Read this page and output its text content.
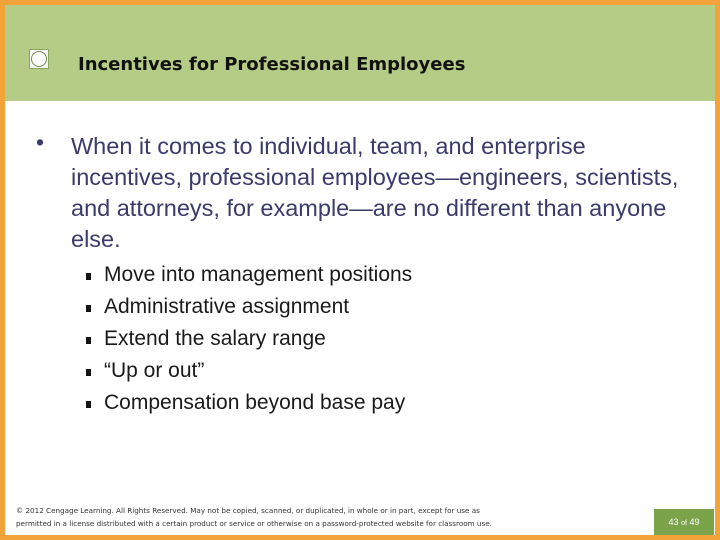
Incentives for Professional Employees
• When it comes to individual, team, and enterprise incentives, professional employees—engineers, scientists, and attorneys, for example—are no different than anyone else.

Move into management positions
Administrative assignment
Extend the salary range
“Up or out”
Compensation beyond base pay
© 2012 Cengage Learning. All Rights Reserved. May not be copied, scanned, or duplicated, in whole or in part, except for use as
permitted in a license distributed with a certain product or service or otherwise on a password-protected website for classroom use.	43 of 49
